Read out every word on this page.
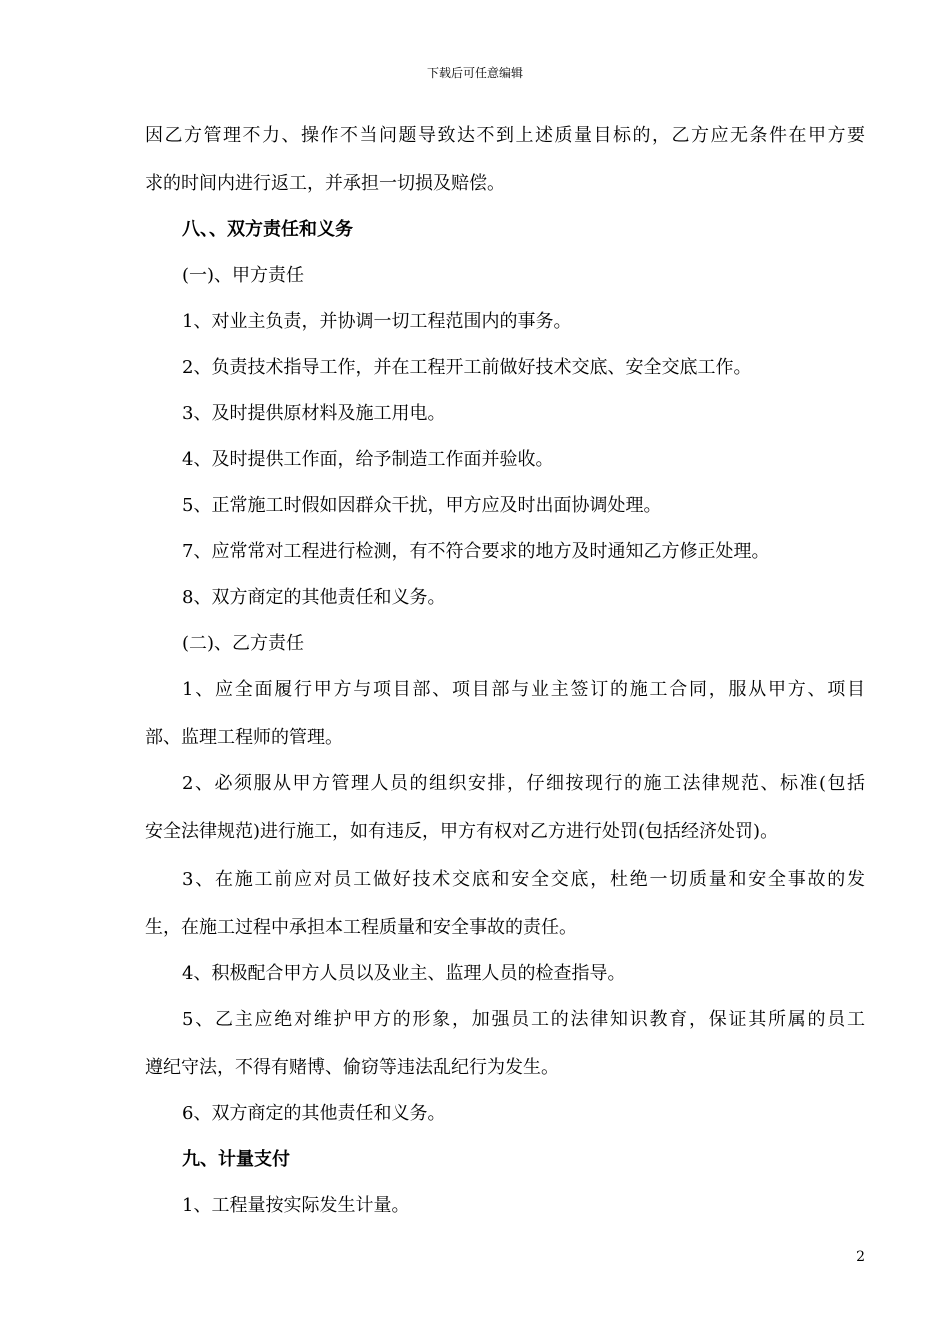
下载后可任意编辑
因乙方管理不力、操作不当问题导致达不到上述质量目标的，乙方应无条件在甲方要
求的时间内进行返工，并承担一切损及赔偿。
八、、双方责任和义务
(一)、甲方责任
1、对业主负责，并协调一切工程范围内的事务。
2、负责技术指导工作，并在工程开工前做好技术交底、安全交底工作。
3、及时提供原材料及施工用电。
4、及时提供工作面，给予制造工作面并验收。
5、正常施工时假如因群众干扰，甲方应及时出面协调处理。
7、应常常对工程进行检测，有不符合要求的地方及时通知乙方修正处理。
8、双方商定的其他责任和义务。
(二)、乙方责任
1、应全面履行甲方与项目部、项目部与业主签订的施工合同，服从甲方、项目
部、监理工程师的管理。
2、必须服从甲方管理人员的组织安排，仔细按现行的施工法律规范、标准(包括
安全法律规范)进行施工，如有违反，甲方有权对乙方进行处罚(包括经济处罚)。
3、在施工前应对员工做好技术交底和安全交底，杜绝一切质量和安全事故的发
生，在施工过程中承担本工程质量和安全事故的责任。
4、积极配合甲方人员以及业主、监理人员的检查指导。
5、乙主应绝对维护甲方的形象，加强员工的法律知识教育，保证其所属的员工
遵纪守法，不得有赌博、偷窃等违法乱纪行为发生。
6、双方商定的其他责任和义务。
九、计量支付
1、工程量按实际发生计量。
2
